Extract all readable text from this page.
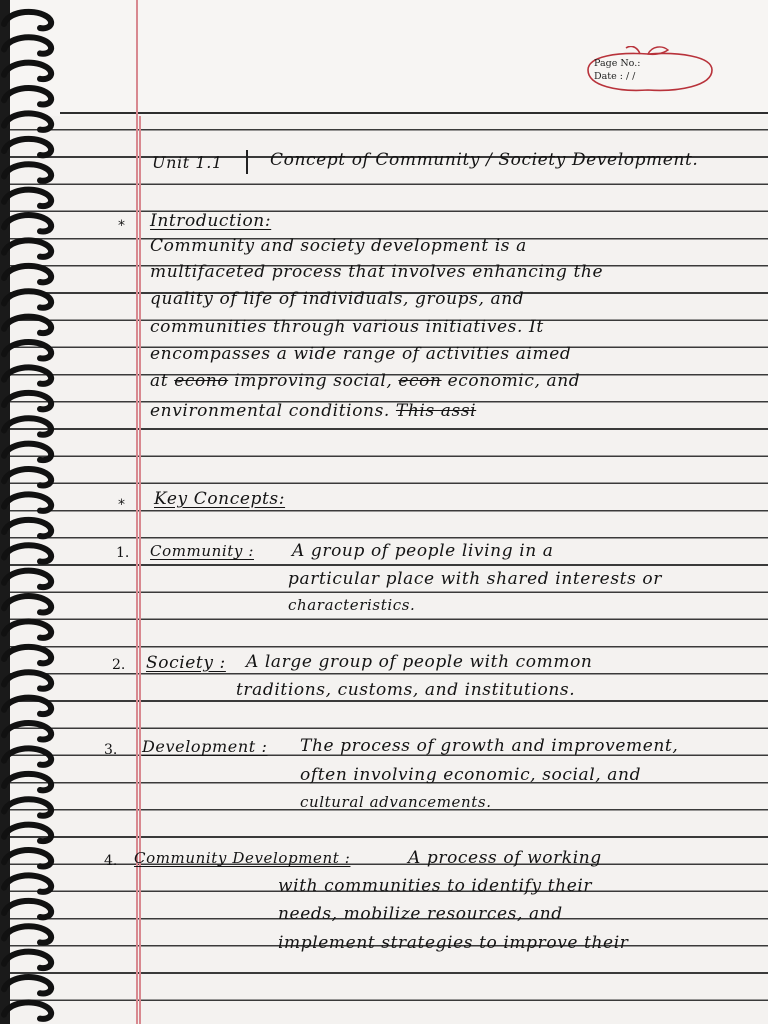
Page No.:
Date : / /
Unit 1.1	Concept of Community / Society Development.
* Introduction:
Community and society development is a
multifaceted process that involves enhancing the
quality of life of individuals, groups, and
communities through various initiatives. It
encompasses a wide range of activities aimed
at econo improving social, econ economic, and
environmental conditions. This assi
* Key Concepts:
1. Community : A group of people living in a
particular place with shared interests or
characteristics.
2. Society : A large group of people with common
traditions, customs, and institutions.
3. Development : The process of growth and improvement,
often involving economic, social, and
cultural advancements.
4. Community Development :	A process of working
with communities to identify their
needs, mobilize resources, and
implement strategies to improve their
